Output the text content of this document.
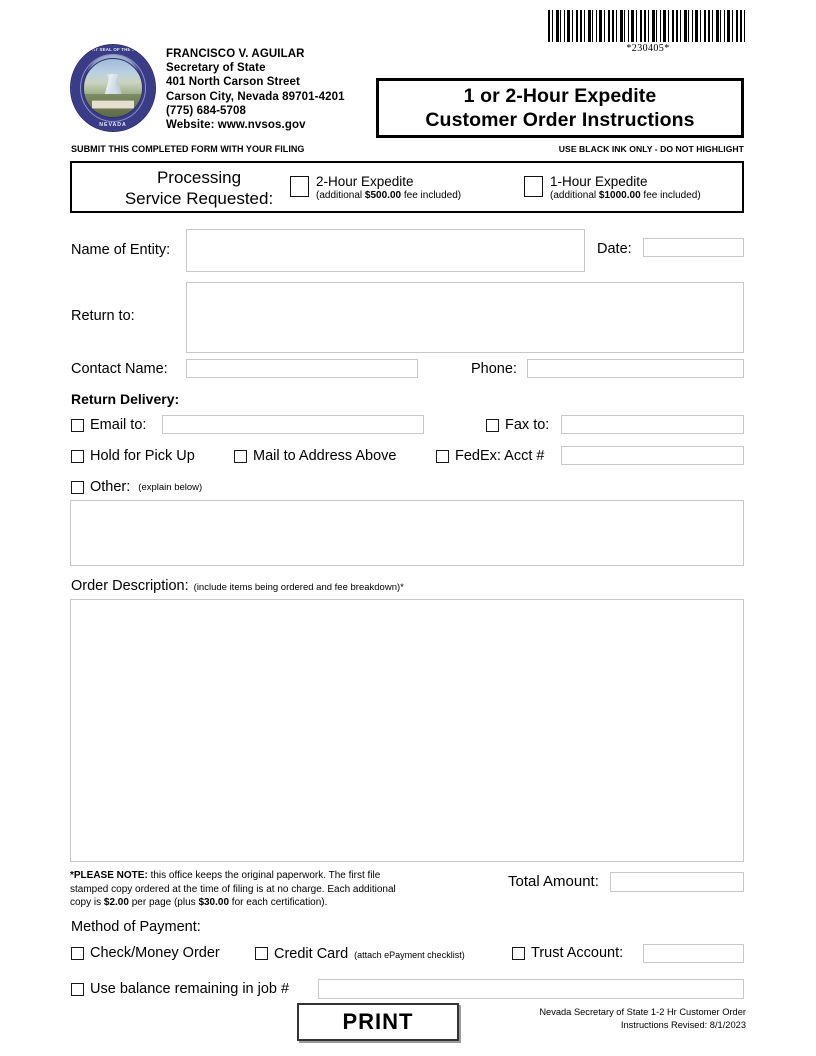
THE GREAT SEAL OF THE STATE OF
NEVADA
FRANCISCO V. AGUILAR
Secretary of State
401 North Carson Street
Carson City, Nevada 89701-4201
(775) 684-5708
Website: www.nvsos.gov
*230405*
1 or 2-Hour Expedite
Customer Order Instructions
SUBMIT THIS COMPLETED FORM WITH YOUR FILING	USE BLACK INK ONLY - DO NOT HIGHLIGHT
Processing
Service Requested:
2-Hour Expedite
(additional $500.00 fee included)
1-Hour Expedite
(additional $1000.00 fee included)
Name of Entity:	Date:
Return to:
Contact Name:	Phone:
Return Delivery:
Email to:	Fax to:
Hold for Pick Up	Mail to Address Above	FedEx: Acct #
Other: (explain below)
Order Description: (include items being ordered and fee breakdown)*
*PLEASE NOTE: this office keeps the original paperwork. The first file
stamped copy ordered at the time of filing is at no charge. Each additional
copy is $2.00 per page (plus $30.00 for each certification).
Total Amount:
Method of Payment:
Check/Money Order	Credit Card (attach ePayment checklist)	Trust Account:
Use balance remaining in job #
PRINT	Nevada Secretary of State 1-2 Hr Customer Order
Instructions Revised: 8/1/2023
